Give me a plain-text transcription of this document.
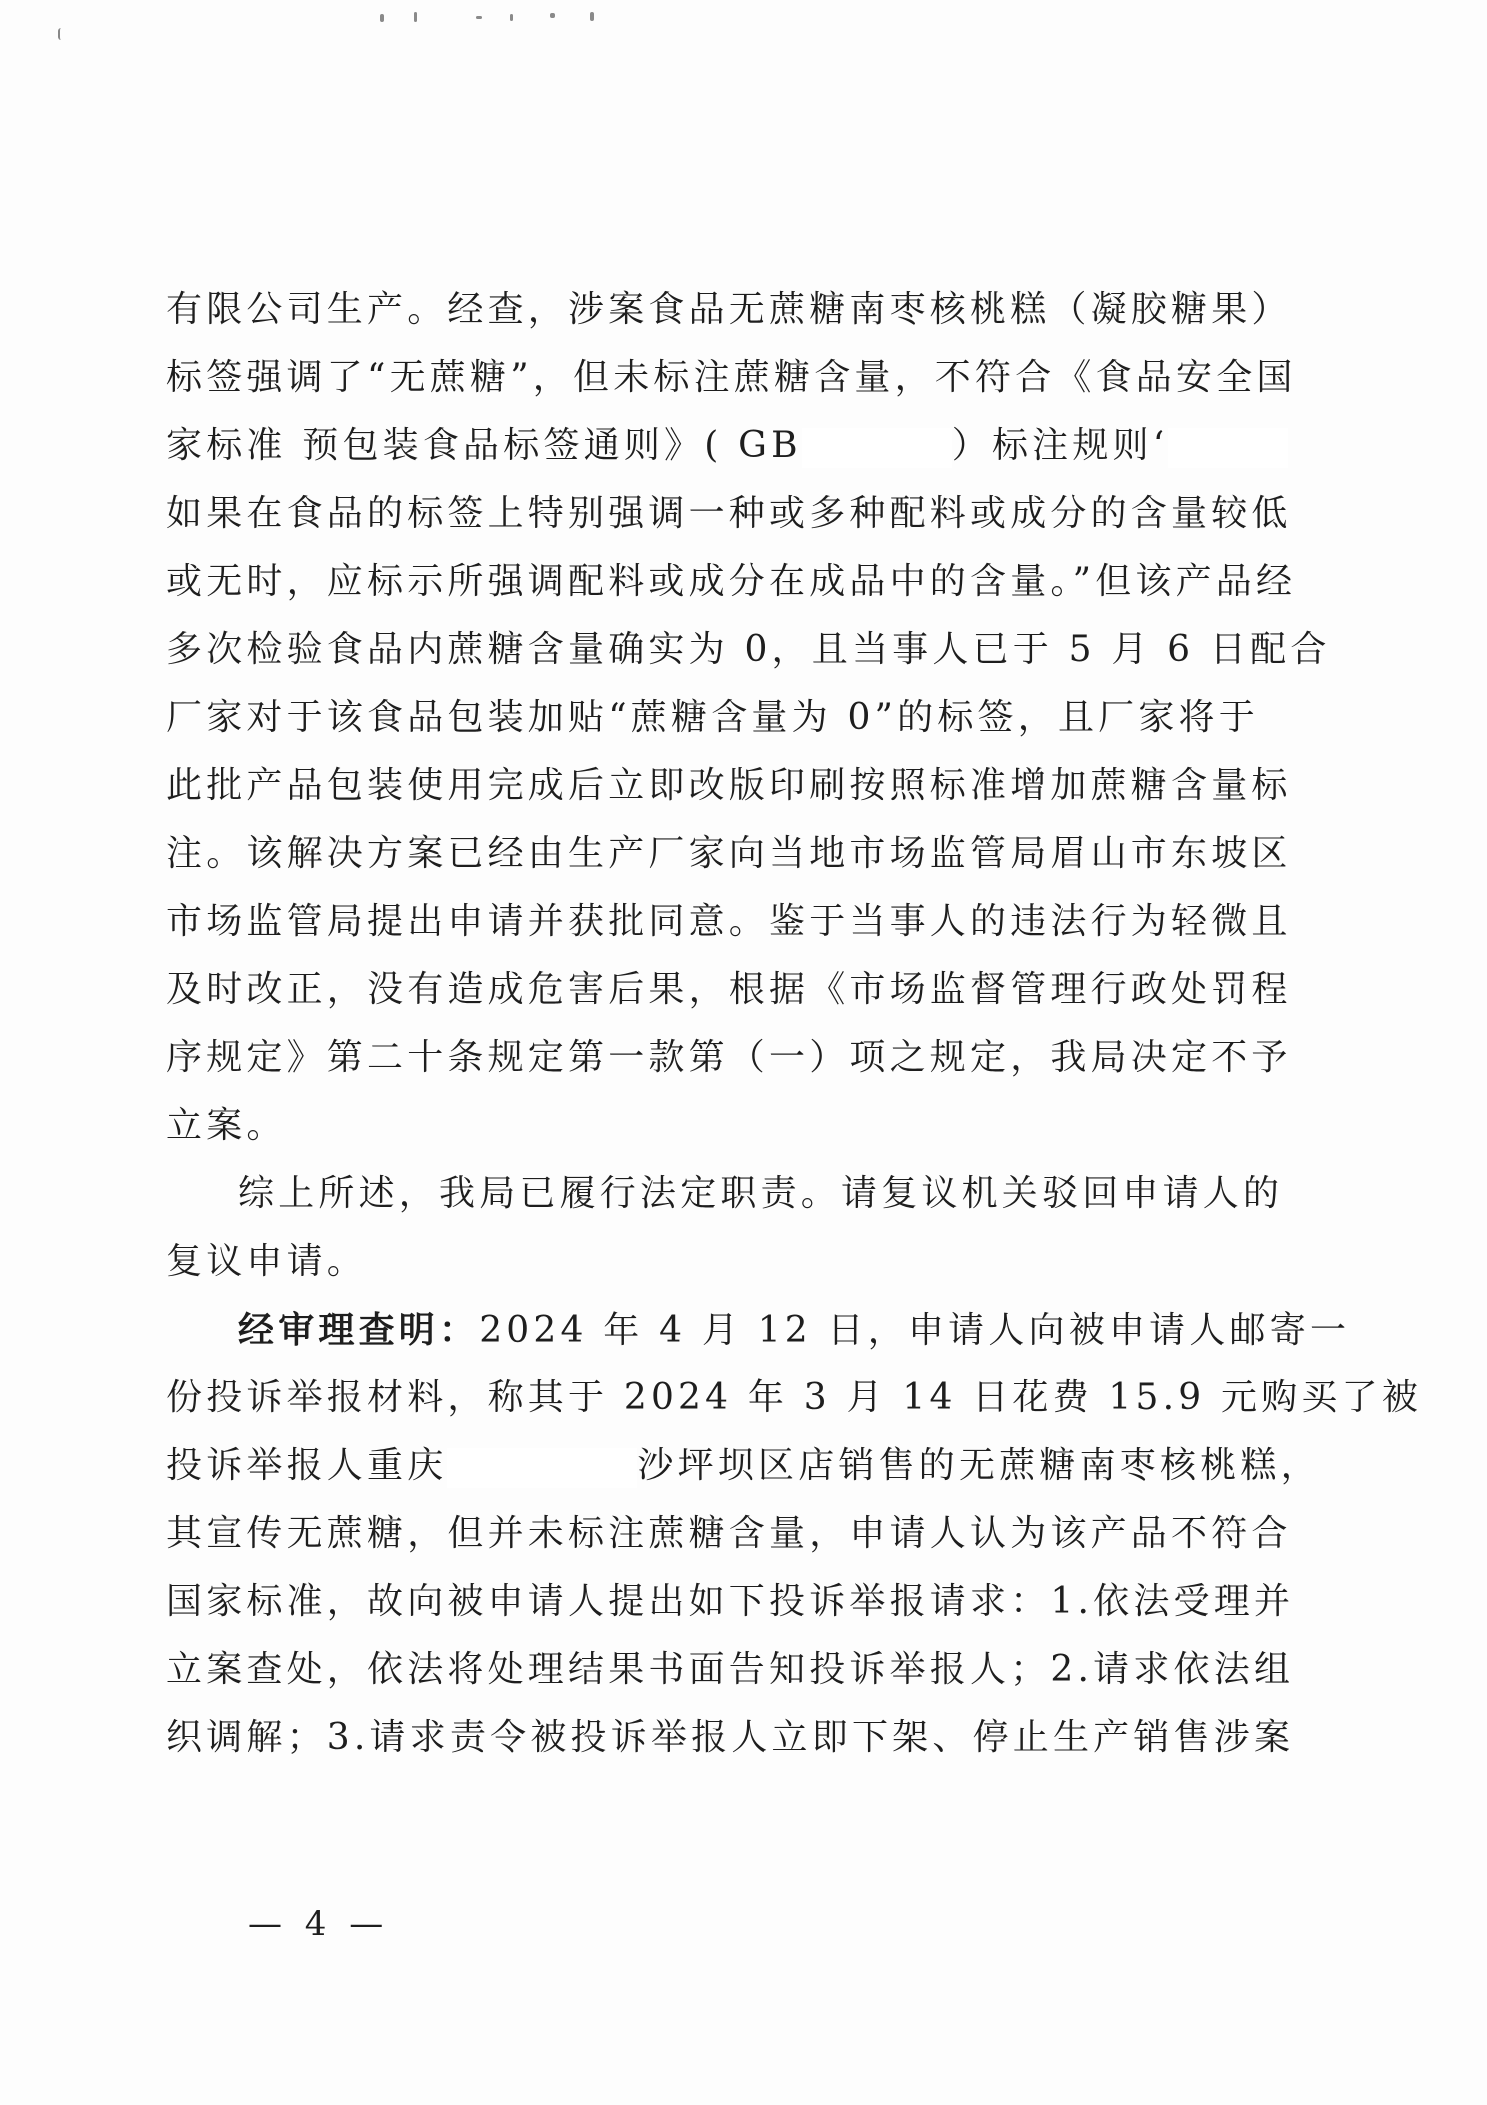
有限公司生产。经查，涉案食品无蔗糖南枣核桃糕（凝胶糖果）
标签强调了“无蔗糖”，但未标注蔗糖含量，不符合《食品安全国
家标准 预包装食品标签通则》( GB	）标注规则‘
如果在食品的标签上特别强调一种或多种配料或成分的含量较低
或无时，应标示所强调配料或成分在成品中的含量。”但该产品经
多次检验食品内蔗糖含量确实为 0，且当事人已于 5 月 6 日配合
厂家对于该食品包装加贴“蔗糖含量为 0”的标签，且厂家将于
此批产品包装使用完成后立即改版印刷按照标准增加蔗糖含量标
注。该解决方案已经由生产厂家向当地市场监管局眉山市东坡区
市场监管局提出申请并获批同意。鉴于当事人的违法行为轻微且
及时改正，没有造成危害后果，根据《市场监督管理行政处罚程
序规定》第二十条规定第一款第（一）项之规定，我局决定不予
立案。
综上所述，我局已履行法定职责。请复议机关驳回申请人的
复议申请。
经审理查明：2024 年 4 月 12 日，申请人向被申请人邮寄一
份投诉举报材料，称其于 2024 年 3 月 14 日花费 15.9 元购买了被
投诉举报人重庆	沙坪坝区店销售的无蔗糖南枣核桃糕，
其宣传无蔗糖，但并未标注蔗糖含量，申请人认为该产品不符合
国家标准，故向被申请人提出如下投诉举报请求：1.依法受理并
立案查处，依法将处理结果书面告知投诉举报人；2.请求依法组
织调解；3.请求责令被投诉举报人立即下架、停止生产销售涉案
— 4 —
